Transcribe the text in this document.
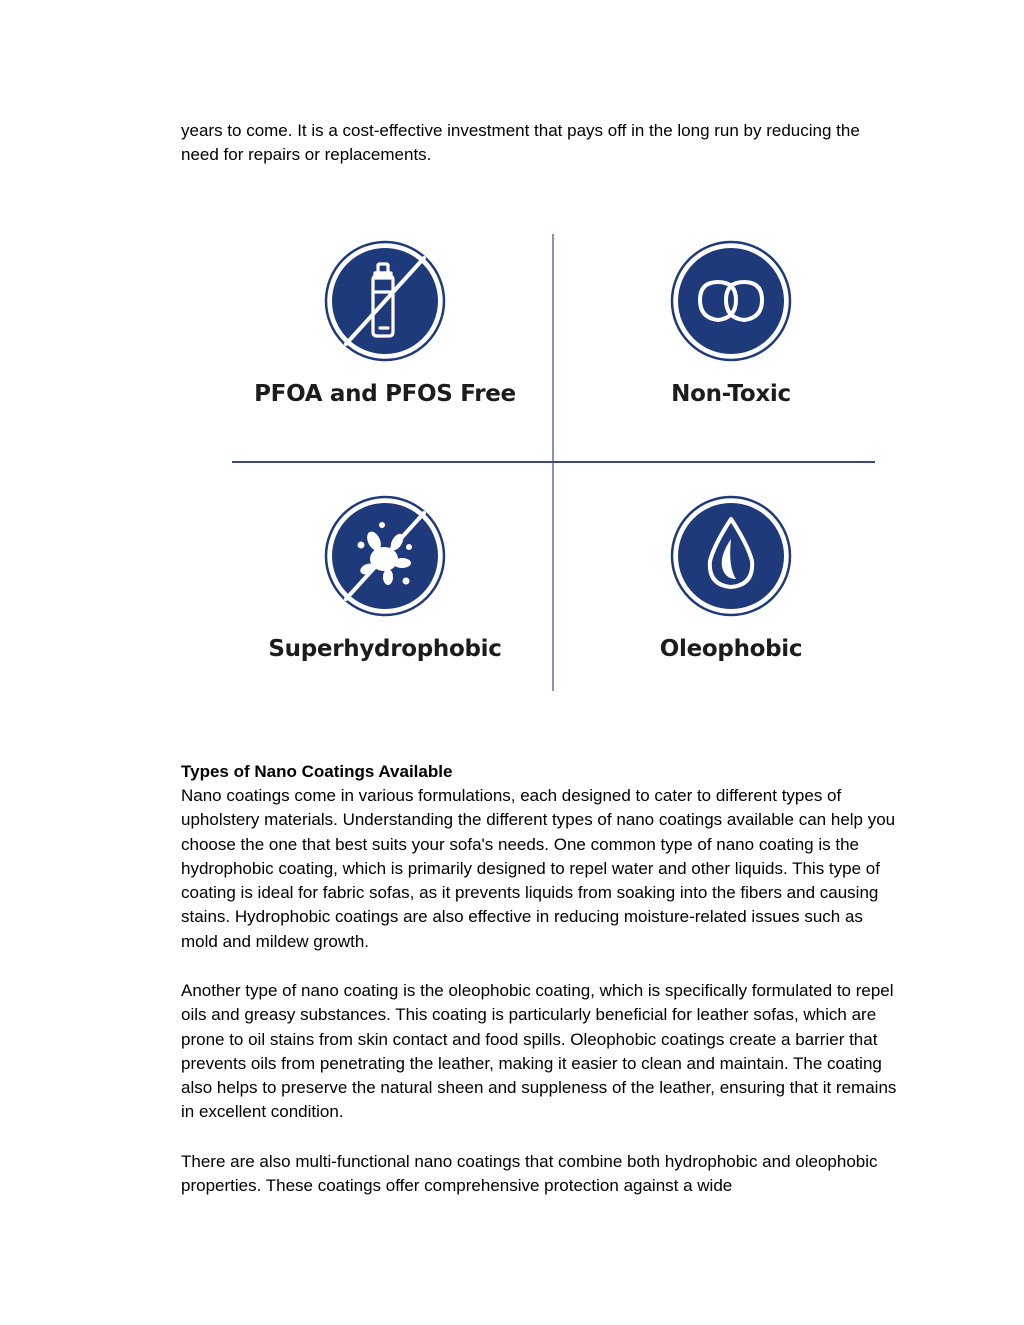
years to come. It is a cost-effective investment that pays off in the long run by reducing the need for repairs or replacements.

PFOA and PFOS Free	Non-Toxic
Superhydrophobic	Oleophobic
Types of Nano Coatings Available

Nano coatings come in various formulations, each designed to cater to different types of upholstery materials. Understanding the different types of nano coatings available can help you choose the one that best suits your sofa's needs. One common type of nano coating is the hydrophobic coating, which is primarily designed to repel water and other liquids. This type of coating is ideal for fabric sofas, as it prevents liquids from soaking into the fibers and causing stains. Hydrophobic coatings are also effective in reducing moisture-related issues such as mold and mildew growth.

Another type of nano coating is the oleophobic coating, which is specifically formulated to repel oils and greasy substances. This coating is particularly beneficial for leather sofas, which are prone to oil stains from skin contact and food spills. Oleophobic coatings create a barrier that prevents oils from penetrating the leather, making it easier to clean and maintain. The coating also helps to preserve the natural sheen and suppleness of the leather, ensuring that it remains in excellent condition.

There are also multi-functional nano coatings that combine both hydrophobic and oleophobic properties. These coatings offer comprehensive protection against a wide
